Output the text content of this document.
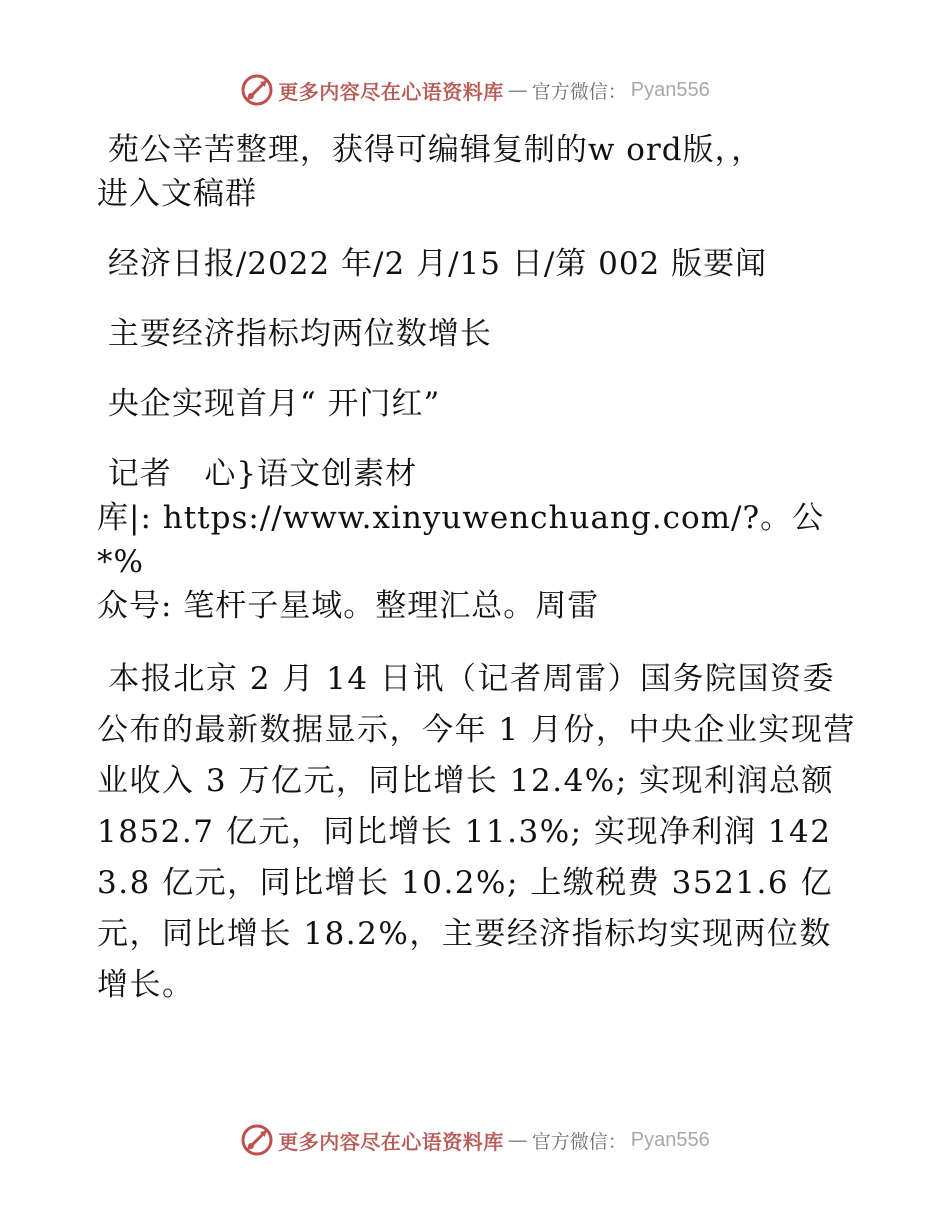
更多内容尽在心语资料库 — 官方微信： Pyan556

苑公辛苦整理，获得可编辑复制的w ord版，，

进入文稿群

经济日报/2022 年/2 月/15 日/第 002 版要闻

主要经济指标均两位数增长

央企实现首月“ 开门红”

记者   心}语文创素材

库|: https://www.xinyuwenchuang.com/?。公*%

众号: 笔杆子星域。整理汇总。周雷

本报北京 2 月 14 日讯（记者周雷）国务院国资委公布的最新数据显示，今年 1 月份，中央企业实现营业收入 3 万亿元，同比增长 12.4%; 实现利润总额 1852.7 亿元，同比增长 11.3%; 实现净利润 1423.8 亿元，同比增长 10.2%; 上缴税费 3521.6 亿元，同比增长 18.2%，主要经济指标均实现两位数增长。

更多内容尽在心语资料库 — 官方微信： Pyan556
